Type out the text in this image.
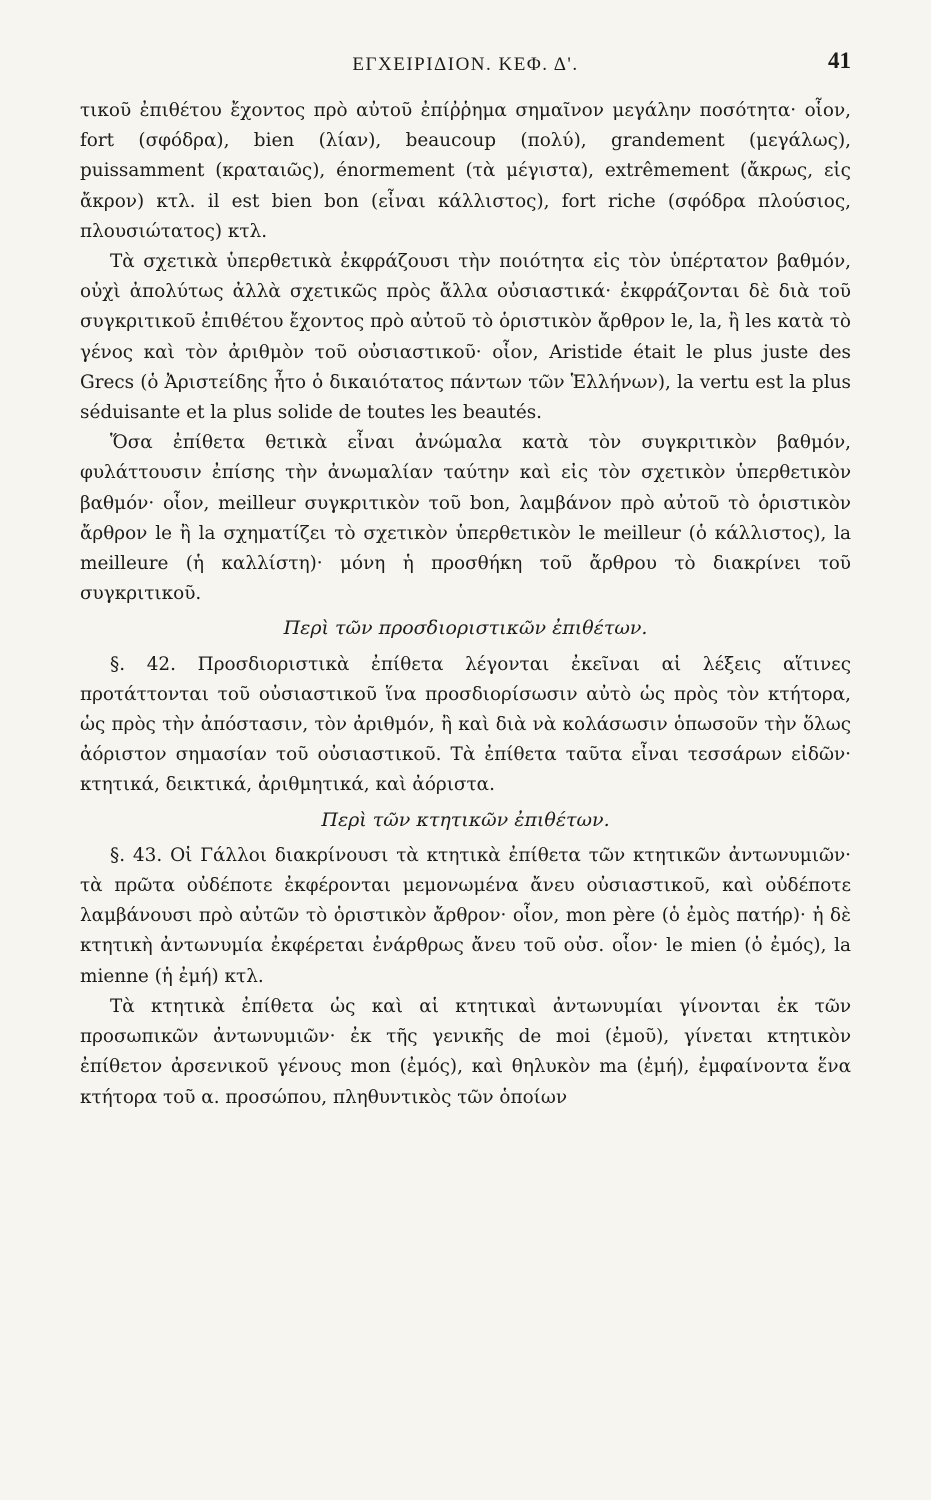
ΕΓΧΕΙΡΙΔΙΟΝ. ΚΕΦ. Δ'.	41

τικοῦ ἐπιθέτου ἔχοντος πρὸ αὐτοῦ ἐπίῤῥημα σημαῖνον μεγάλην ποσότητα· οἷον, fort (σφόδρα), bien (λίαν), beaucoup (πολύ), grandement (μεγάλως), puissamment (κραταιῶς), énormement (τὰ μέγιστα), extrêmement (ἄκρως, εἰς ἄκρον) κτλ. il est bien bon (εἶναι κάλλιστος), fort riche (σφόδρα πλούσιος, πλουσιώτατος) κτλ.

Τὰ σχετικὰ ὑπερθετικὰ ἐκφράζουσι τὴν ποιότητα εἰς τὸν ὑπέρτατον βαθμόν, οὐχὶ ἀπολύτως ἀλλὰ σχετικῶς πρὸς ἄλλα οὐσιαστικά· ἐκφράζονται δὲ διὰ τοῦ συγκριτικοῦ ἐπιθέτου ἔχοντος πρὸ αὐτοῦ τὸ ὁριστικὸν ἄρθρον le, la, ἢ les κατὰ τὸ γένος καὶ τὸν ἀριθμὸν τοῦ οὐσιαστικοῦ· οἷον, Aristide était le plus juste des Grecs (ὁ Ἀριστείδης ἦτο ὁ δικαιότατος πάντων τῶν Ἑλλήνων), la vertu est la plus séduisante et la plus solide de toutes les beautés.

Ὅσα ἐπίθετα θετικὰ εἶναι ἀνώμαλα κατὰ τὸν συγκριτικὸν βαθμόν, φυλάττουσιν ἐπίσης τὴν ἀνωμαλίαν ταύτην καὶ εἰς τὸν σχετικὸν ὑπερθετικὸν βαθμόν· οἷον, meilleur συγκριτικὸν τοῦ bon, λαμβάνον πρὸ αὐτοῦ τὸ ὁριστικὸν ἄρθρον le ἢ la σχηματίζει τὸ σχετικὸν ὑπερθετικὸν le meilleur (ὁ κάλλιστος), la meilleure (ἡ καλλίστη)· μόνη ἡ προσθήκη τοῦ ἄρθρου τὸ διακρίνει τοῦ συγκριτικοῦ.

Περὶ τῶν προσδιοριστικῶν ἐπιθέτων.

§. 42. Προσδιοριστικὰ ἐπίθετα λέγονται ἐκεῖναι αἱ λέξεις αἵτινες προτάττονται τοῦ οὐσιαστικοῦ ἵνα προσδιορίσωσιν αὐτὸ ὡς πρὸς τὸν κτήτορα, ὡς πρὸς τὴν ἀπόστασιν, τὸν ἀριθμόν, ἢ καὶ διὰ νὰ κολάσωσιν ὁπωσοῦν τὴν ὅλως ἀόριστον σημασίαν τοῦ οὐσιαστικοῦ. Τὰ ἐπίθετα ταῦτα εἶναι τεσσάρων εἰδῶν· κτητικά, δεικτικά, ἀριθμητικά, καὶ ἀόριστα.

Περὶ τῶν κτητικῶν ἐπιθέτων.

§. 43. Οἱ Γάλλοι διακρίνουσι τὰ κτητικὰ ἐπίθετα τῶν κτητικῶν ἀντωνυμιῶν· τὰ πρῶτα οὐδέποτε ἐκφέρονται μεμονωμένα ἄνευ οὐσιαστικοῦ, καὶ οὐδέποτε λαμβάνουσι πρὸ αὐτῶν τὸ ὁριστικὸν ἄρθρον· οἷον, mon père (ὁ ἐμὸς πατήρ)· ἡ δὲ κτητικὴ ἀντωνυμία ἐκφέρεται ἐνάρθρως ἄνευ τοῦ οὐσ. οἷον· le mien (ὁ ἐμός), la mienne (ἡ ἐμή) κτλ.

Τὰ κτητικὰ ἐπίθετα ὡς καὶ αἱ κτητικαὶ ἀντωνυμίαι γίνονται ἐκ τῶν προσωπικῶν ἀντωνυμιῶν· ἐκ τῆς γενικῆς de moi (ἐμοῦ), γίνεται κτητικὸν ἐπίθετον ἀρσενικοῦ γένους mon (ἐμός), καὶ θηλυκὸν ma (ἐμή), ἐμφαίνοντα ἕνα κτήτορα τοῦ α. προσώπου, πληθυντικὸς τῶν ὁποίων
